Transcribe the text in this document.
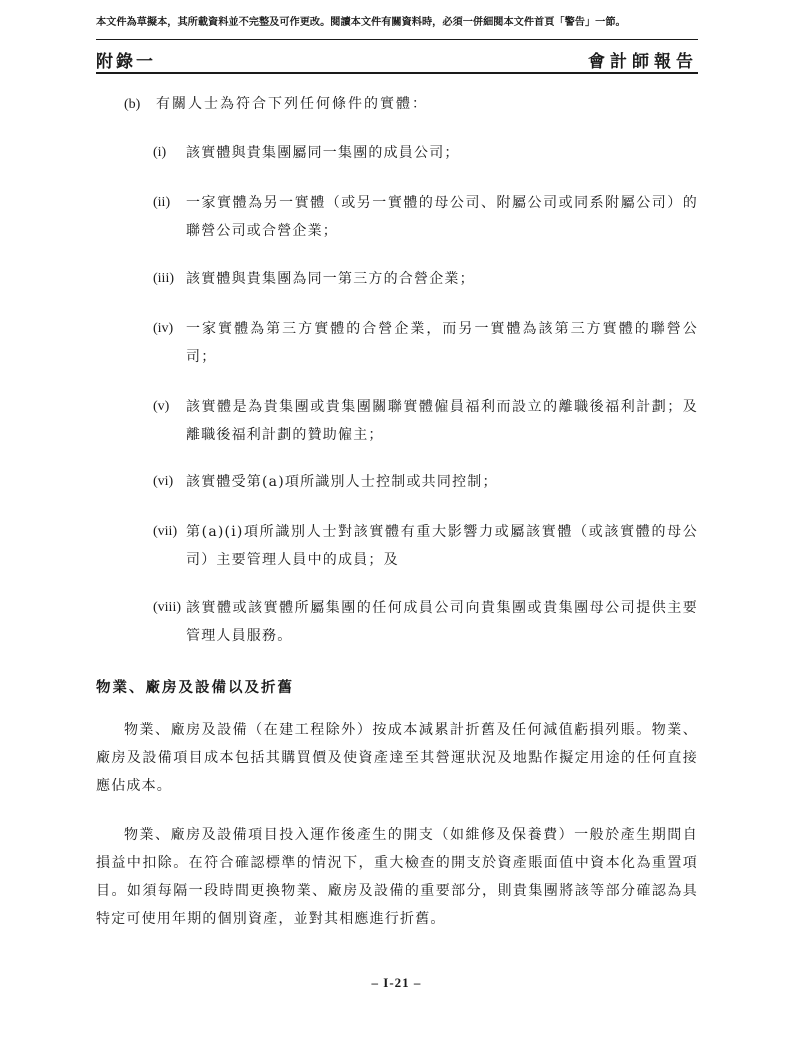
本文件為草擬本，其所載資料並不完整及可作更改。閱讀本文件有關資料時，必須一併細閱本文件首頁「警告」一節。
附錄一	會計師報告
(b) 有關人士為符合下列任何條件的實體：
(i)	該實體與貴集團屬同一集團的成員公司；
(ii)	一家實體為另一實體（或另一實體的母公司、附屬公司或同系附屬公司）的聯營公司或合營企業；
(iii) 該實體與貴集團為同一第三方的合營企業；
(iv) 一家實體為第三方實體的合營企業，而另一實體為該第三方實體的聯營公司；
(v)	該實體是為貴集團或貴集團關聯實體僱員福利而設立的離職後福利計劃；及離職後福利計劃的贊助僱主；
(vi) 該實體受第(a)項所識別人士控制或共同控制；
(vii) 第(a)(i)項所識別人士對該實體有重大影響力或屬該實體（或該實體的母公司）主要管理人員中的成員；及
(viii) 該實體或該實體所屬集團的任何成員公司向貴集團或貴集團母公司提供主要管理人員服務。
物業、廠房及設備以及折舊
物業、廠房及設備（在建工程除外）按成本減累計折舊及任何減值虧損列賬。物業、廠房及設備項目成本包括其購買價及使資產達至其營運狀況及地點作擬定用途的任何直接應佔成本。
物業、廠房及設備項目投入運作後產生的開支（如維修及保養費）一般於產生期間自損益中扣除。在符合確認標準的情況下，重大檢查的開支於資產賬面值中資本化為重置項目。如須每隔一段時間更換物業、廠房及設備的重要部分，則貴集團將該等部分確認為具特定可使用年期的個別資產，並對其相應進行折舊。
– I-21 –
